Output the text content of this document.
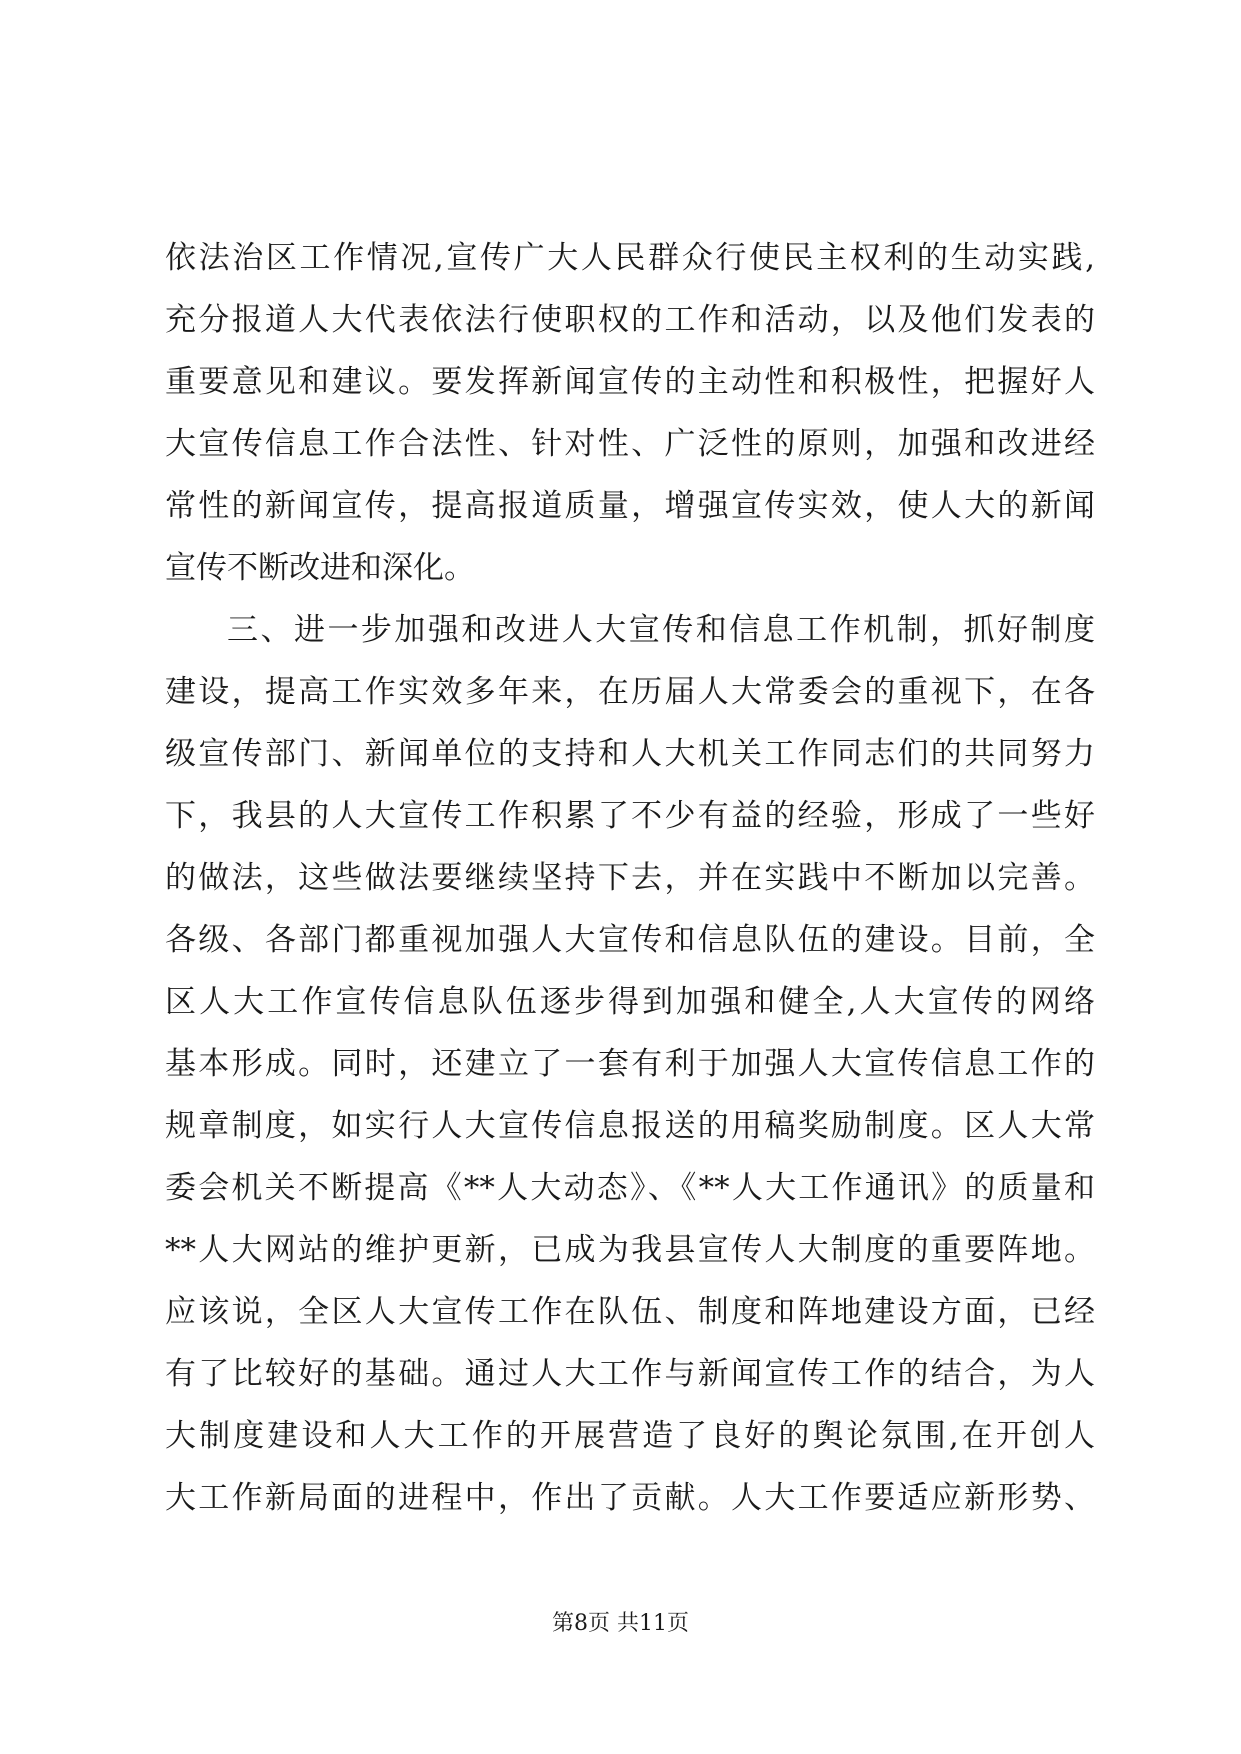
依法治区工作情况,宣传广大人民群众行使民主权利的生动实践,
充分报道人大代表依法行使职权的工作和活动，以及他们发表的
重要意见和建议。要发挥新闻宣传的主动性和积极性，把握好人
大宣传信息工作合法性、针对性、广泛性的原则，加强和改进经
常性的新闻宣传，提高报道质量，增强宣传实效，使人大的新闻
宣传不断改进和深化。
三、进一步加强和改进人大宣传和信息工作机制，抓好制度
建设，提高工作实效多年来，在历届人大常委会的重视下，在各
级宣传部门、新闻单位的支持和人大机关工作同志们的共同努力
下，我县的人大宣传工作积累了不少有益的经验，形成了一些好
的做法，这些做法要继续坚持下去，并在实践中不断加以完善。
各级、各部门都重视加强人大宣传和信息队伍的建设。目前，全
区人大工作宣传信息队伍逐步得到加强和健全,人大宣传的网络
基本形成。同时，还建立了一套有利于加强人大宣传信息工作的
规章制度，如实行人大宣传信息报送的用稿奖励制度。区人大常
委会机关不断提高《**人大动态》、《**人大工作通讯》的质量和
**人大网站的维护更新，已成为我县宣传人大制度的重要阵地。
应该说，全区人大宣传工作在队伍、制度和阵地建设方面，已经
有了比较好的基础。通过人大工作与新闻宣传工作的结合，为人
大制度建设和人大工作的开展营造了良好的舆论氛围,在开创人
大工作新局面的进程中，作出了贡献。人大工作要适应新形势、
第8页 共11页
